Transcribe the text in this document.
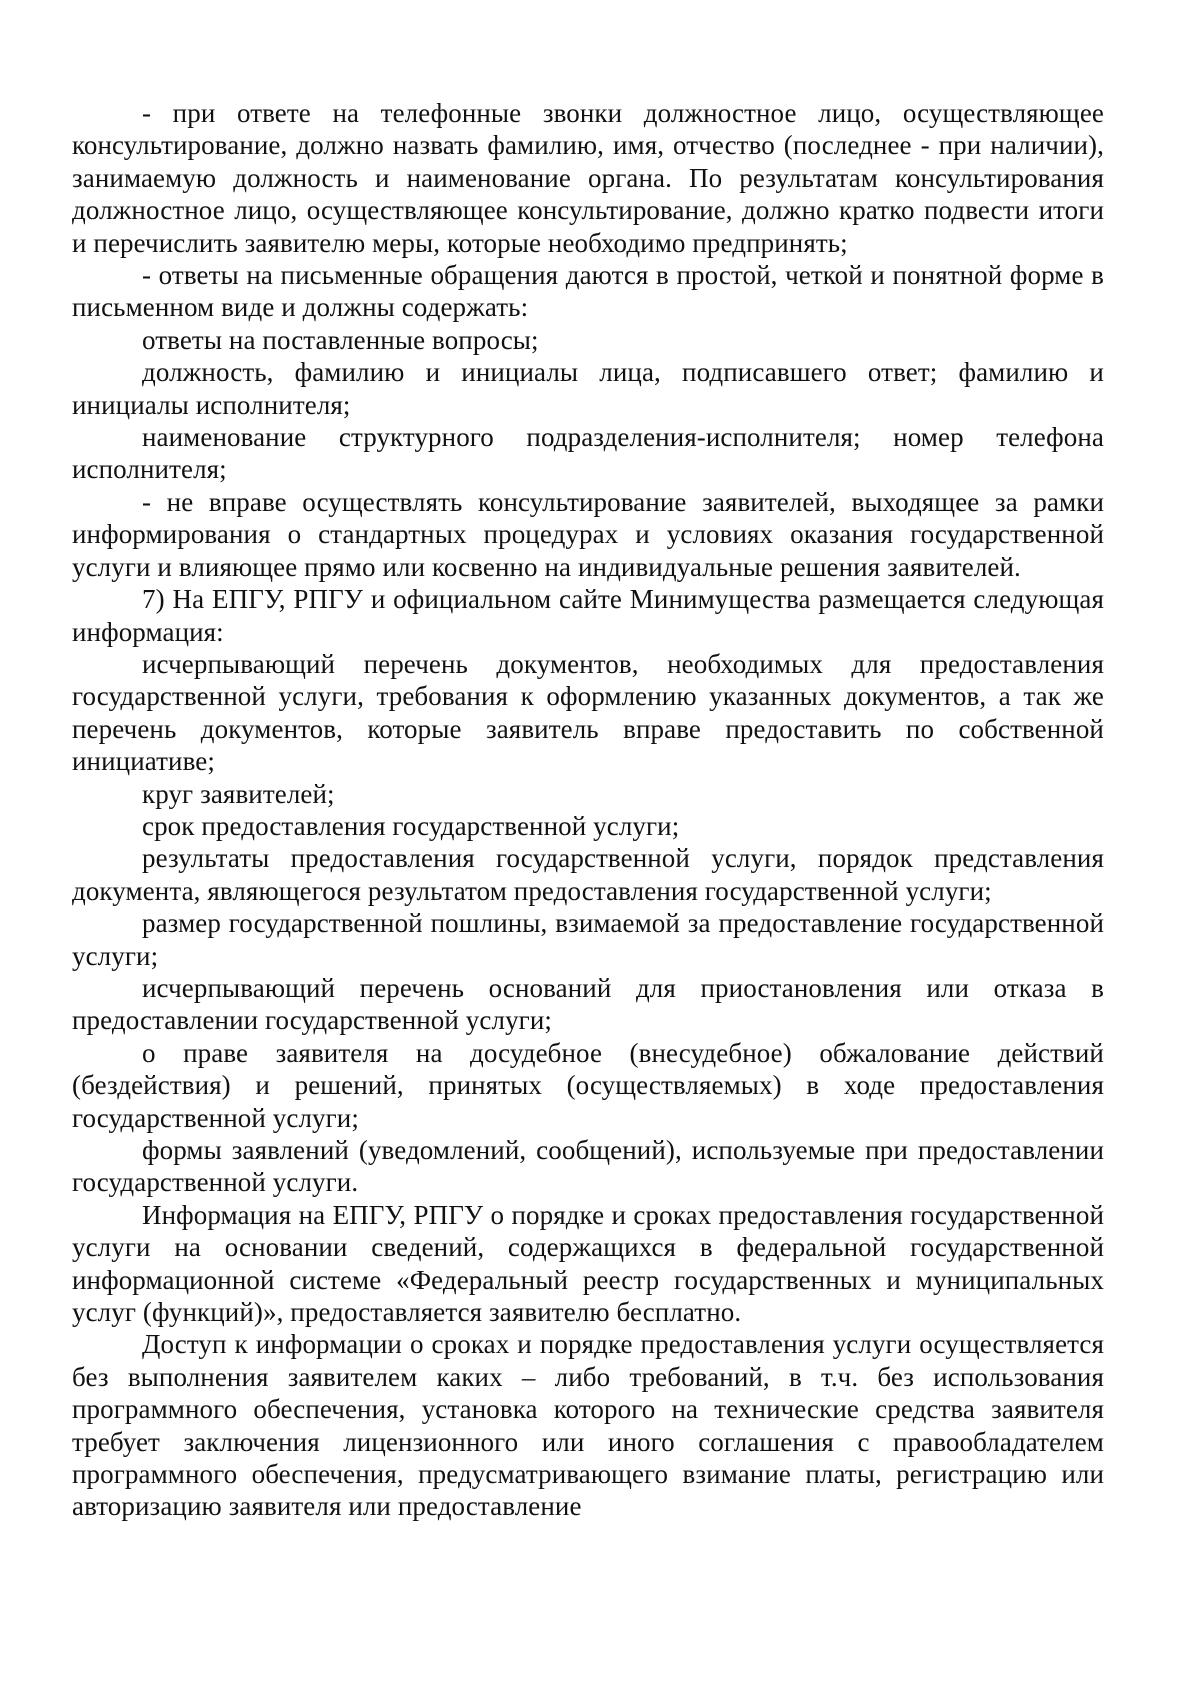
- при ответе на телефонные звонки должностное лицо, осуществляющее консультирование, должно назвать фамилию, имя, отчество (последнее - при наличии), занимаемую должность и наименование органа. По результатам консультирования должностное лицо, осуществляющее консультирование, должно кратко подвести итоги и перечислить заявителю меры, которые необходимо предпринять;

- ответы на письменные обращения даются в простой, четкой и понятной форме в письменном виде и должны содержать:

ответы на поставленные вопросы;

должность, фамилию и инициалы лица, подписавшего ответ; фамилию и инициалы исполнителя;

наименование структурного подразделения-исполнителя; номер телефона исполнителя;

- не вправе осуществлять консультирование заявителей, выходящее за рамки информирования о стандартных процедурах и условиях оказания государственной услуги и влияющее прямо или косвенно на индивидуальные решения заявителей.

7) На ЕПГУ, РПГУ и официальном сайте Минимущества размещается следующая информация:

исчерпывающий перечень документов, необходимых для предоставления государственной услуги, требования к оформлению указанных документов, а так же перечень документов, которые заявитель вправе предоставить по собственной инициативе;

круг заявителей;

срок предоставления государственной услуги;

результаты предоставления государственной услуги, порядок представления документа, являющегося результатом предоставления государственной услуги;

размер государственной пошлины, взимаемой за предоставление государственной услуги;

исчерпывающий перечень оснований для приостановления или отказа в предоставлении государственной услуги;

о праве заявителя на досудебное (внесудебное) обжалование действий (бездействия) и решений, принятых (осуществляемых) в ходе предоставления государственной услуги;

формы заявлений (уведомлений, сообщений), используемые при предоставлении государственной услуги.

Информация на ЕПГУ, РПГУ о порядке и сроках предоставления государственной услуги на основании сведений, содержащихся в федеральной государственной информационной системе «Федеральный реестр государственных и муниципальных услуг (функций)», предоставляется заявителю бесплатно.

Доступ к информации о сроках и порядке предоставления услуги осуществляется без выполнения заявителем каких – либо требований, в т.ч. без использования программного обеспечения, установка которого на технические средства заявителя требует заключения лицензионного или иного соглашения с правообладателем программного обеспечения, предусматривающего взимание платы, регистрацию или авторизацию заявителя или предоставление
